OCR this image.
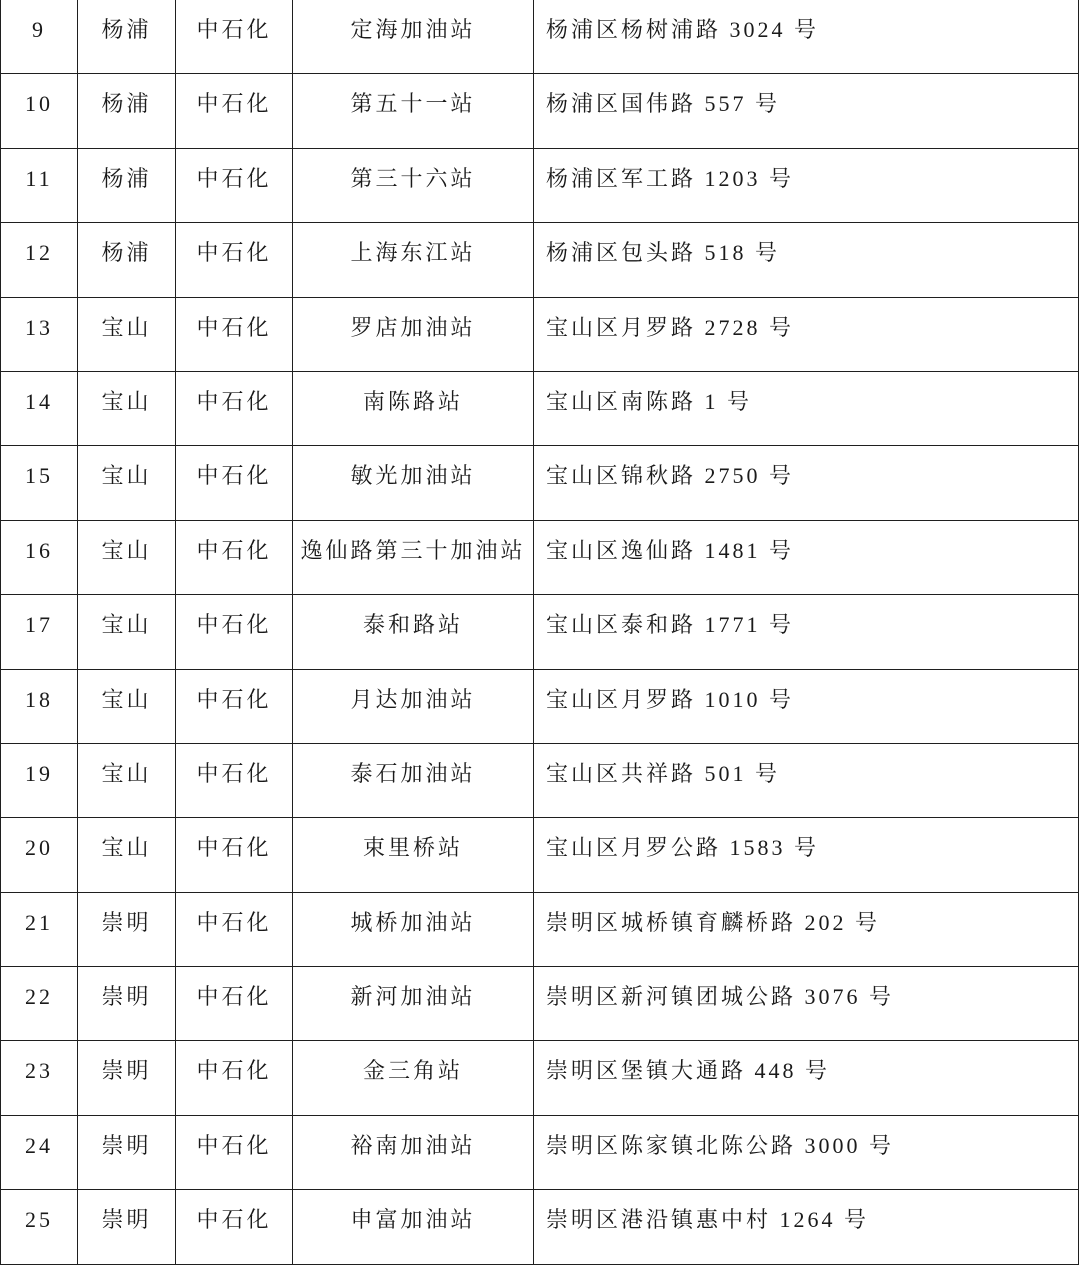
9	杨浦	中石化	定海加油站	杨浦区杨树浦路 3024 号

10	杨浦	中石化	第五十一站	杨浦区国伟路 557 号

11	杨浦	中石化	第三十六站	杨浦区军工路 1203 号

12	杨浦	中石化	上海东江站	杨浦区包头路 518 号

13	宝山	中石化	罗店加油站	宝山区月罗路 2728 号

14	宝山	中石化	南陈路站	宝山区南陈路 1 号

15	宝山	中石化	敏光加油站	宝山区锦秋路 2750 号

16	宝山	中石化	逸仙路第三十加油站	宝山区逸仙路 1481 号

17	宝山	中石化	泰和路站	宝山区泰和路 1771 号

18	宝山	中石化	月达加油站	宝山区月罗路 1010 号

19	宝山	中石化	泰石加油站	宝山区共祥路 501 号

20	宝山	中石化	束里桥站	宝山区月罗公路 1583 号

21	崇明	中石化	城桥加油站	崇明区城桥镇育麟桥路 202 号

22	崇明	中石化	新河加油站	崇明区新河镇团城公路 3076 号

23	崇明	中石化	金三角站	崇明区堡镇大通路 448 号

24	崇明	中石化	裕南加油站	崇明区陈家镇北陈公路 3000 号

25	崇明	中石化	申富加油站	崇明区港沿镇惠中村 1264 号
